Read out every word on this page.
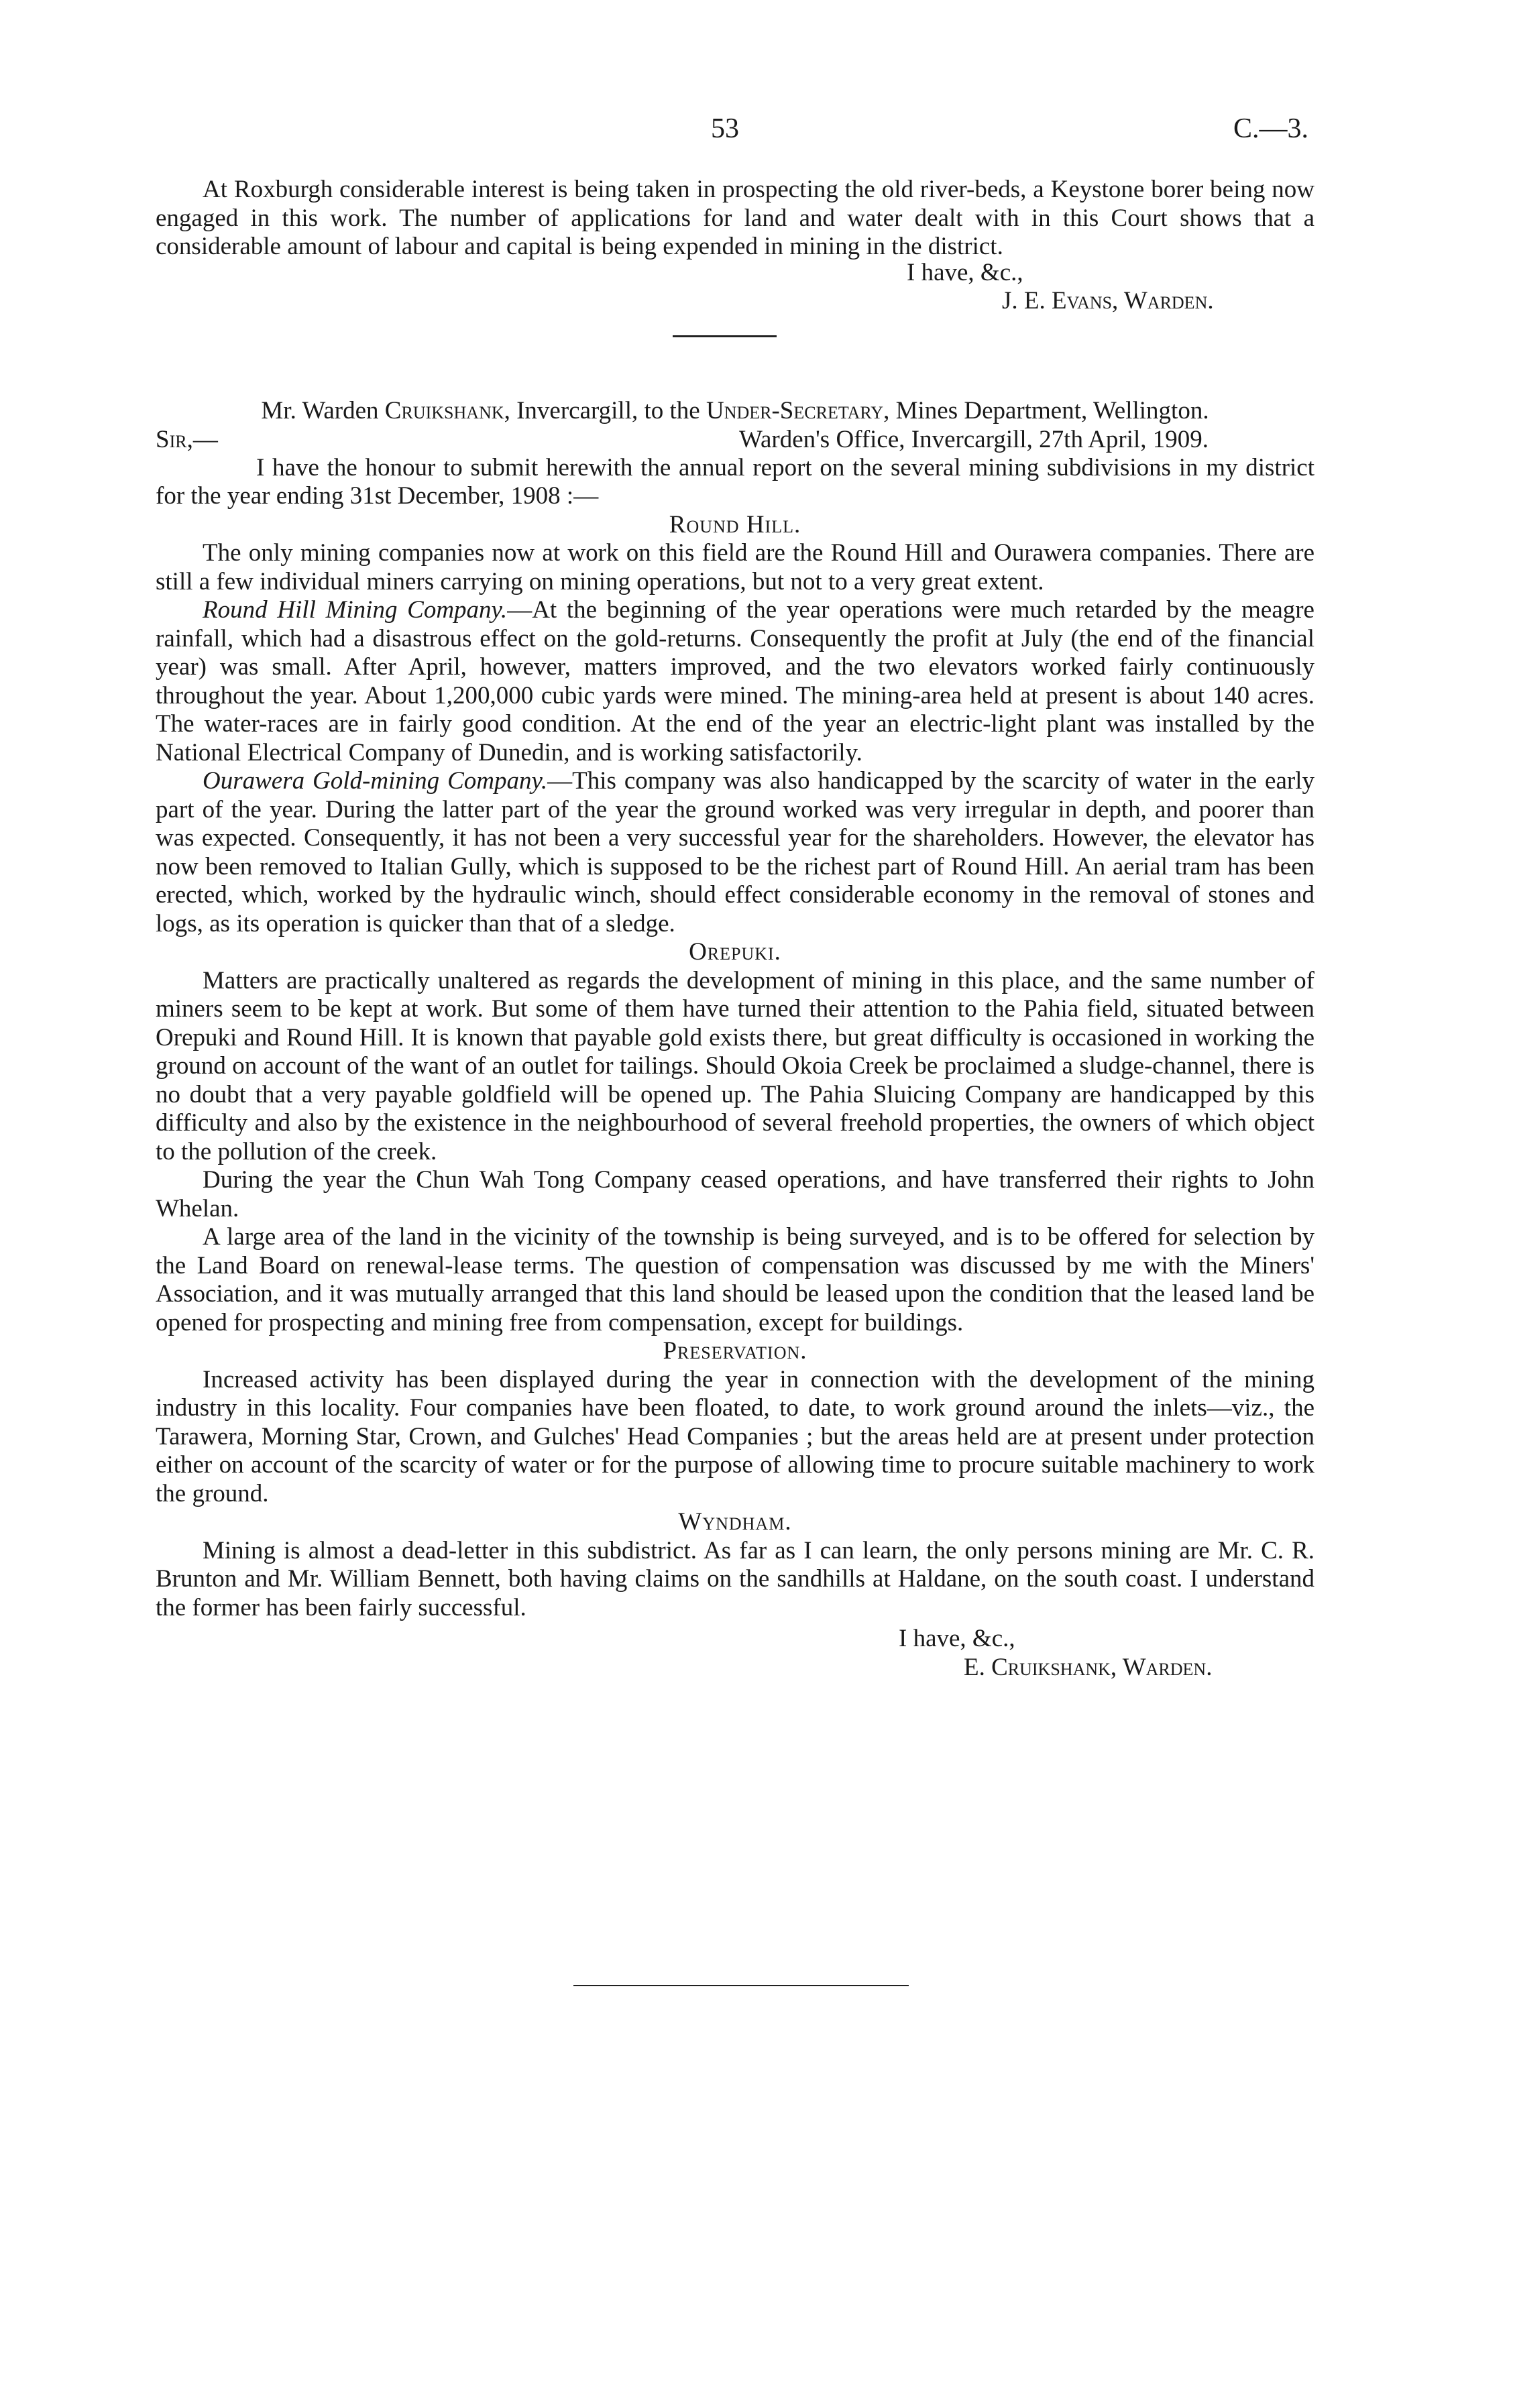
53	C.—3.

At Roxburgh considerable interest is being taken in prospecting the old river-beds, a Keystone borer being now engaged in this work. The number of applications for land and water dealt with in this Court shows that a considerable amount of labour and capital is being expended in mining in the district.

I have, &c.,

J. E. Evans, Warden.

Mr. Warden Cruikshank, Invercargill, to the Under-Secretary, Mines Department, Wellington.

Sir,—	Warden's Office, Invercargill, 27th April, 1909.

I have the honour to submit herewith the annual report on the several mining subdivisions in my district for the year ending 31st December, 1908 :—

Round Hill.

The only mining companies now at work on this field are the Round Hill and Ourawera companies. There are still a few individual miners carrying on mining operations, but not to a very great extent.

Round Hill Mining Company.—At the beginning of the year operations were much retarded by the meagre rainfall, which had a disastrous effect on the gold-returns. Consequently the profit at July (the end of the financial year) was small. After April, however, matters improved, and the two elevators worked fairly continuously throughout the year. About 1,200,000 cubic yards were mined. The mining-area held at present is about 140 acres. The water-races are in fairly good condition. At the end of the year an electric-light plant was installed by the National Electrical Company of Dunedin, and is working satisfactorily.

Ourawera Gold-mining Company.—This company was also handicapped by the scarcity of water in the early part of the year. During the latter part of the year the ground worked was very irregular in depth, and poorer than was expected. Consequently, it has not been a very successful year for the shareholders. However, the elevator has now been removed to Italian Gully, which is supposed to be the richest part of Round Hill. An aerial tram has been erected, which, worked by the hydraulic winch, should effect considerable economy in the removal of stones and logs, as its operation is quicker than that of a sledge.

Orepuki.

Matters are practically unaltered as regards the development of mining in this place, and the same number of miners seem to be kept at work. But some of them have turned their attention to the Pahia field, situated between Orepuki and Round Hill. It is known that payable gold exists there, but great difficulty is occasioned in working the ground on account of the want of an outlet for tailings. Should Okoia Creek be proclaimed a sludge-channel, there is no doubt that a very payable goldfield will be opened up. The Pahia Sluicing Company are handicapped by this difficulty and also by the existence in the neighbourhood of several freehold properties, the owners of which object to the pollution of the creek.

During the year the Chun Wah Tong Company ceased operations, and have transferred their rights to John Whelan.

A large area of the land in the vicinity of the township is being surveyed, and is to be offered for selection by the Land Board on renewal-lease terms. The question of compensation was discussed by me with the Miners' Association, and it was mutually arranged that this land should be leased upon the condition that the leased land be opened for prospecting and mining free from compensation, except for buildings.

Preservation.

Increased activity has been displayed during the year in connection with the development of the mining industry in this locality. Four companies have been floated, to date, to work ground around the inlets—viz., the Tarawera, Morning Star, Crown, and Gulches' Head Companies ; but the areas held are at present under protection either on account of the scarcity of water or for the purpose of allowing time to procure suitable machinery to work the ground.

Wyndham.

Mining is almost a dead-letter in this subdistrict. As far as I can learn, the only persons mining are Mr. C. R. Brunton and Mr. William Bennett, both having claims on the sandhills at Haldane, on the south coast. I understand the former has been fairly successful.

I have, &c.,

E. Cruikshank, Warden.
